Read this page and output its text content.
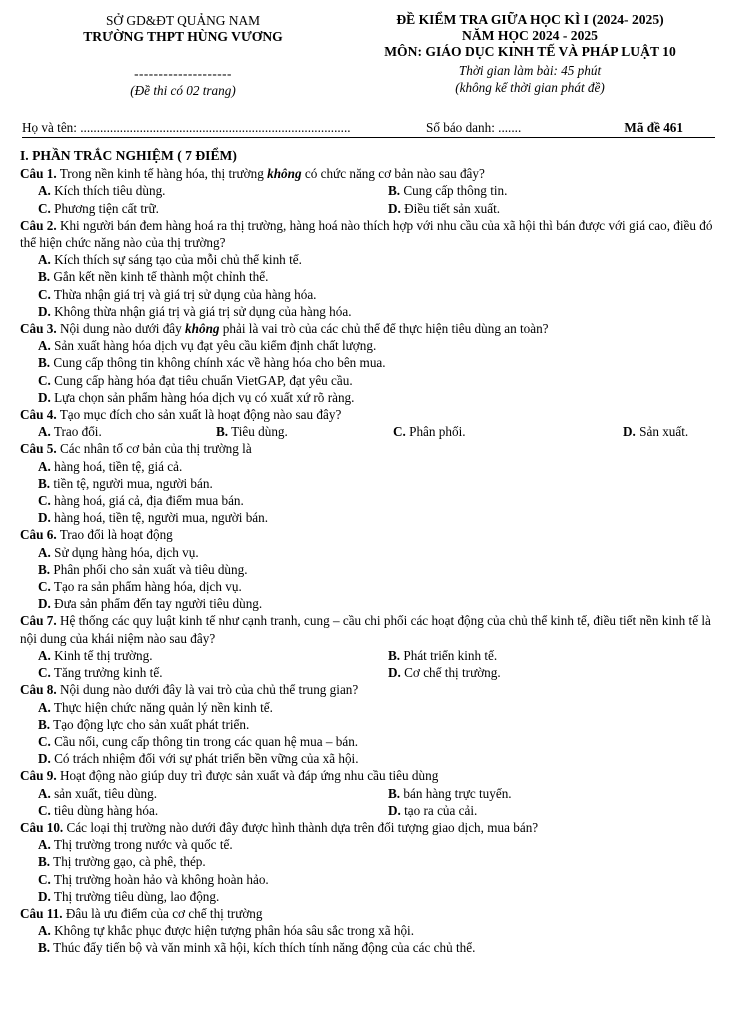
SỞ GD&ĐT QUẢNG NAM
TRƯỜNG THPT HÙNG VƯƠNG
--------------------
(Đề thi có 02 trang)
ĐỀ KIỂM TRA GIỮA HỌC KÌ I (2024- 2025)
NĂM HỌC 2024 - 2025
MÔN: GIÁO DỤC KINH TẾ VÀ PHÁP LUẬT 10
Thời gian làm bài: 45 phút
(không kể thời gian phát đề)
Họ và tên: ..................................................................................	Số báo danh: .......	Mã đề 461
I. PHẦN TRẮC NGHIỆM ( 7 ĐIỂM)
Câu 1. Trong nền kinh tế hàng hóa, thị trường không có chức năng cơ bản nào sau đây?
A. Kích thích tiêu dùng.	B. Cung cấp thông tin.
C. Phương tiện cất trữ.	D. Điều tiết sản xuất.
Câu 2. Khi người bán đem hàng hoá ra thị trường, hàng hoá nào thích hợp với nhu cầu của xã hội thì bán được với giá cao, điều đó thể hiện chức năng nào của thị trường?
A. Kích thích sự sáng tạo của mỗi chủ thể kinh tế.
B. Gắn kết nền kinh tế thành một chỉnh thể.
C. Thừa nhận giá trị và giá trị sử dụng của hàng hóa.
D. Không thừa nhận giá trị và giá trị sử dụng của hàng hóa.
Câu 3. Nội dung nào dưới đây không phải là vai trò của các chủ thể để thực hiện tiêu dùng an toàn?
A. Sản xuất hàng hóa dịch vụ đạt yêu cầu kiểm định chất lượng.
B. Cung cấp thông tin không chính xác về hàng hóa cho bên mua.
C. Cung cấp hàng hóa đạt tiêu chuẩn VietGAP, đạt yêu cầu.
D. Lựa chọn sản phẩm hàng hóa dịch vụ có xuất xứ rõ ràng.
Câu 4. Tạo mục đích cho sản xuất là hoạt động nào sau đây?
A. Trao đổi.	B. Tiêu dùng.	C. Phân phối.	D. Sản xuất.
Câu 5. Các nhân tố cơ bản của thị trường là
A. hàng hoá, tiền tệ, giá cả.
B. tiền tệ, người mua, người bán.
C. hàng hoá, giá cả, địa điểm mua bán.
D. hàng hoá, tiền tệ, người mua, người bán.
Câu 6. Trao đổi là hoạt động
A. Sử dụng hàng hóa, dịch vụ.
B. Phân phối cho sản xuất và tiêu dùng.
C. Tạo ra sản phẩm hàng hóa, dịch vụ.
D. Đưa sản phẩm đến tay người tiêu dùng.
Câu 7. Hệ thống các quy luật kinh tế như cạnh tranh, cung – cầu chi phối các hoạt động của chủ thể kinh tế, điều tiết nền kinh tế là nội dung của khái niệm nào sau đây?
A. Kinh tế thị trường.	B. Phát triển kinh tế.
C. Tăng trưởng kinh tế.	D. Cơ chế thị trường.
Câu 8. Nội dung nào dưới đây là vai trò của chủ thể trung gian?
A. Thực hiện chức năng quản lý nền kinh tế.
B. Tạo động lực cho sản xuất phát triển.
C. Cầu nối, cung cấp thông tin trong các quan hệ mua – bán.
D. Có trách nhiệm đối với sự phát triển bền vững của xã hội.
Câu 9. Hoạt động nào giúp duy trì được sản xuất và đáp ứng nhu cầu tiêu dùng
A. sản xuất, tiêu dùng.	B. bán hàng trực tuyến.
C. tiêu dùng hàng hóa.	D. tạo ra của cải.
Câu 10. Các loại thị trường nào dưới đây được hình thành dựa trên đối tượng giao dịch, mua bán?
A. Thị trường trong nước và quốc tế.
B. Thị trường gạo, cà phê, thép.
C. Thị trường hoàn hảo và không hoàn hảo.
D. Thị trường tiêu dùng, lao động.
Câu 11. Đâu là ưu điểm của cơ chế thị trường
A. Không tự khắc phục được hiện tượng phân hóa sâu sắc trong xã hội.
B. Thúc đẩy tiến bộ và văn minh xã hội, kích thích tính năng động của các chủ thể.
